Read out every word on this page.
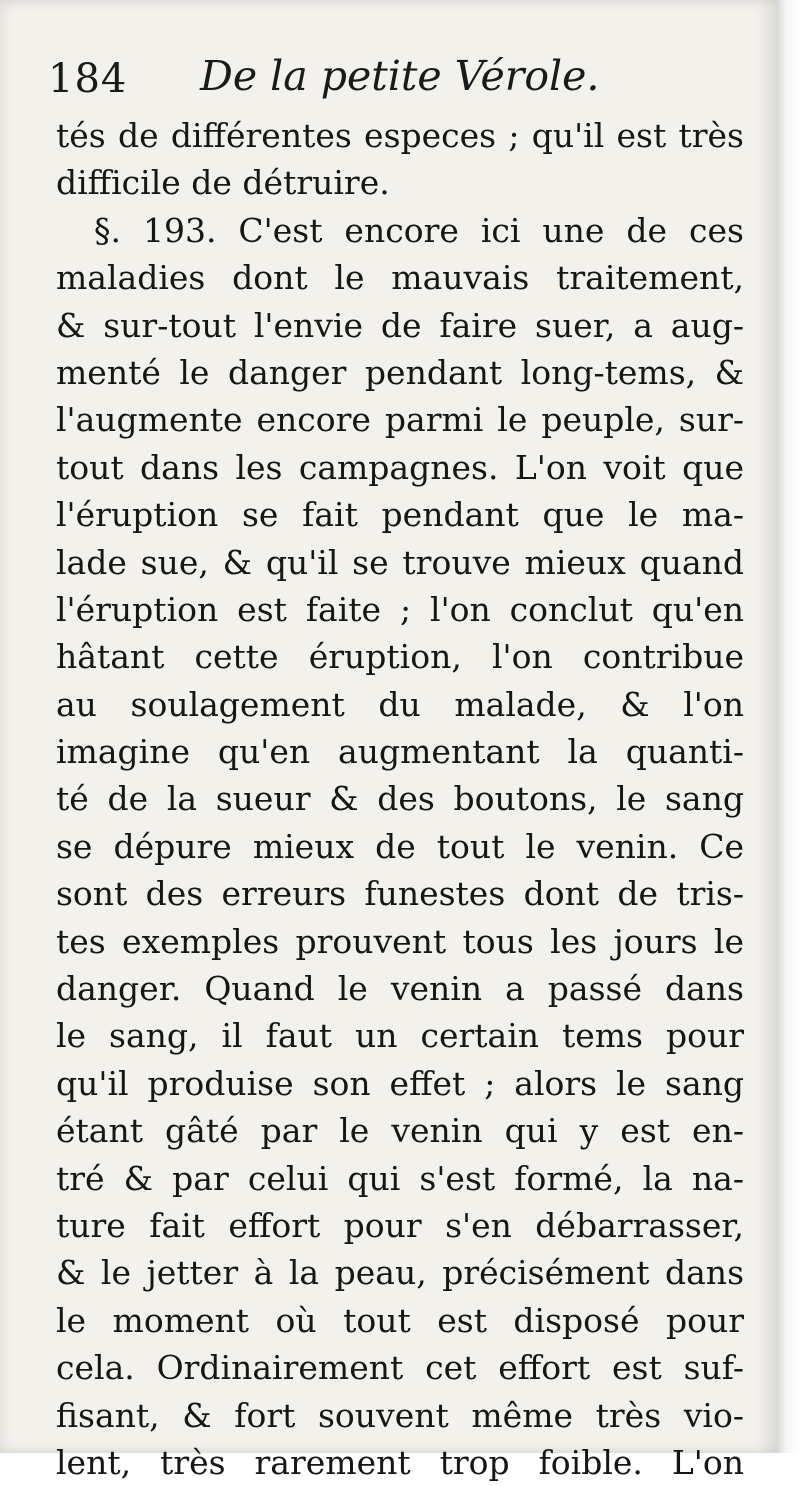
184 De la petite Vérole.
tés de différentes especes ; qu'il est très
difficile de détruire.
§. 193. C'est encore ici une de ces
maladies dont le mauvais traitement,
& sur-tout l'envie de faire suer, a aug-
menté le danger pendant long-tems, &
l'augmente encore parmi le peuple, sur-
tout dans les campagnes. L'on voit que
l'éruption se fait pendant que le ma-
lade sue, & qu'il se trouve mieux quand
l'éruption est faite ; l'on conclut qu'en
hâtant cette éruption, l'on contribue
au soulagement du malade, & l'on
imagine qu'en augmentant la quanti-
té de la sueur & des boutons, le sang
se dépure mieux de tout le venin. Ce
sont des erreurs funestes dont de tris-
tes exemples prouvent tous les jours le
danger. Quand le venin a passé dans
le sang, il faut un certain tems pour
qu'il produise son effet ; alors le sang
étant gâté par le venin qui y est en-
tré & par celui qui s'est formé, la na-
ture fait effort pour s'en débarrasser,
& le jetter à la peau, précisément dans
le moment où tout est disposé pour
cela. Ordinairement cet effort est suf-
fisant, & fort souvent même très vio-
lent, très rarement trop foible. L'on
